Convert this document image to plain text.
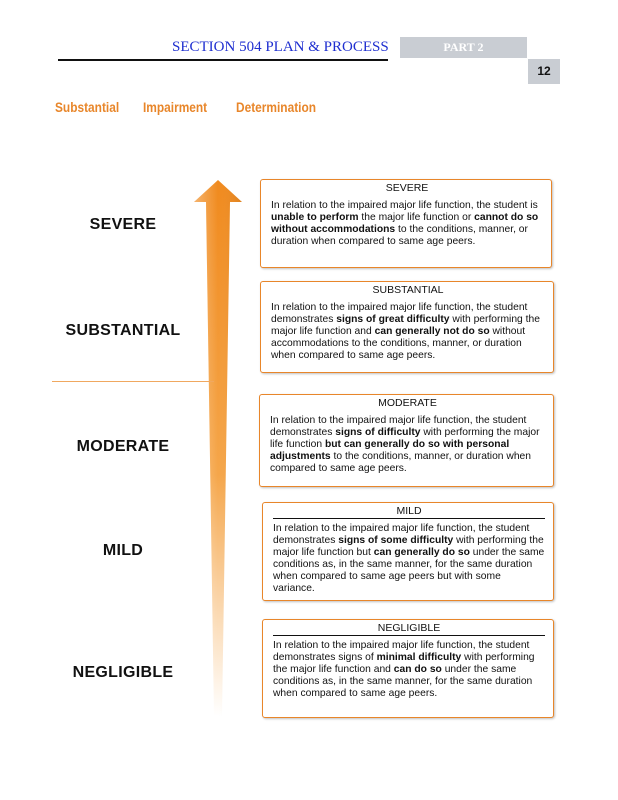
SECTION 504 PLAN & PROCESS	PART 2
12
Substantial Impairment Determination
SEVERE
SUBSTANTIAL
MODERATE
MILD
NEGLIGIBLE
SEVERE
In relation to the impaired major life function, the student is unable to perform the major life function or cannot do so without accommodations to the conditions, manner, or duration when compared to same age peers.
SUBSTANTIAL
In relation to the impaired major life function, the student demonstrates signs of great difficulty with performing the major life function and can generally not do so without accommodations to the conditions, manner, or duration when compared to same age peers.
MODERATE
In relation to the impaired major life function, the student demonstrates signs of difficulty with performing the major life function but can generally do so with personal adjustments to the conditions, manner, or duration when compared to same age peers.
MILD
In relation to the impaired major life function, the student demonstrates signs of some difficulty with performing the major life function but can generally do so under the same conditions as, in the same manner, for the same duration when compared to same age peers but with some variance.
NEGLIGIBLE
In relation to the impaired major life function, the student demonstrates signs of minimal difficulty with performing the major life function and can do so under the same conditions as, in the same manner, for the same duration when compared to same age peers.
